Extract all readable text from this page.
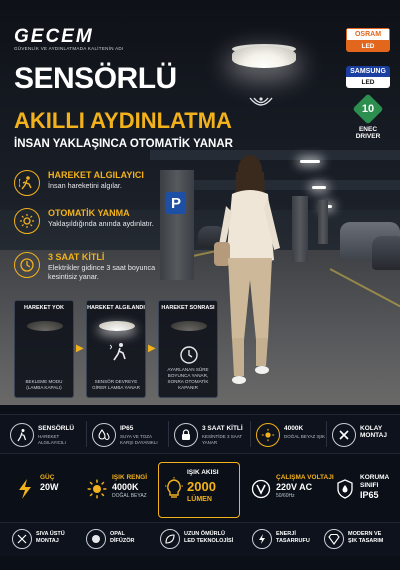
P
GECEM
GÜVENLİK VE AYDINLATMADA KALİTENİN ADI
OSRAM
LED
SAMSUNG
LED
10
ENEC
DRIVER
SENSÖRLÜ
AKILLI AYDINLATMA
İNSAN YAKLAŞINCA OTOMATİK YANAR
HAREKET ALGILAYICI
İnsan hareketini algılar.
OTOMATİK YANMA
Yaklaşıldığında anında aydınlatır.
3 SAAT KİTLİ
Elektrikler gidince 3 saat boyunca kesintisiz yanar.
HAREKET YOK
BEKLEME MODU (LAMBA KAPALI)
▶
HAREKET ALGILANDI
SENSÖR DEVREYE GİRER LAMBA YANAR
▶
HAREKET SONRASI
AYARLANAN SÜRE BOYUNCA YANAR, SONRA OTOMATİK KAPANIR
SENSÖRLÜ
HAREKET
ALGILAYICILI
IP65
SUYA VE TOZA
KARŞI DAYANIKLI
3 SAAT KİTLİ
KESİNTİDE 3 SAAT
YANAR
4000K
DOĞAL BEYAZ IŞIK
KOLAY
MONTAJ
GÜÇ
20W
IŞIK RENGİ
4000K
DOĞAL BEYAZ
ÇALIŞMA VOLTAJI
220V AC
50/60Hz
KORUMA
SINIFI
IP65
IŞIK AKISI
2000
LÜMEN
SIVA ÜSTÜ
MONTAJ
OPAL
DİFÜZÖR
UZUN ÖMÜRLÜ
LED TEKNOLOJİSİ
ENERJİ
TASARRUFU
MODERN VE
ŞIK TASARIM
